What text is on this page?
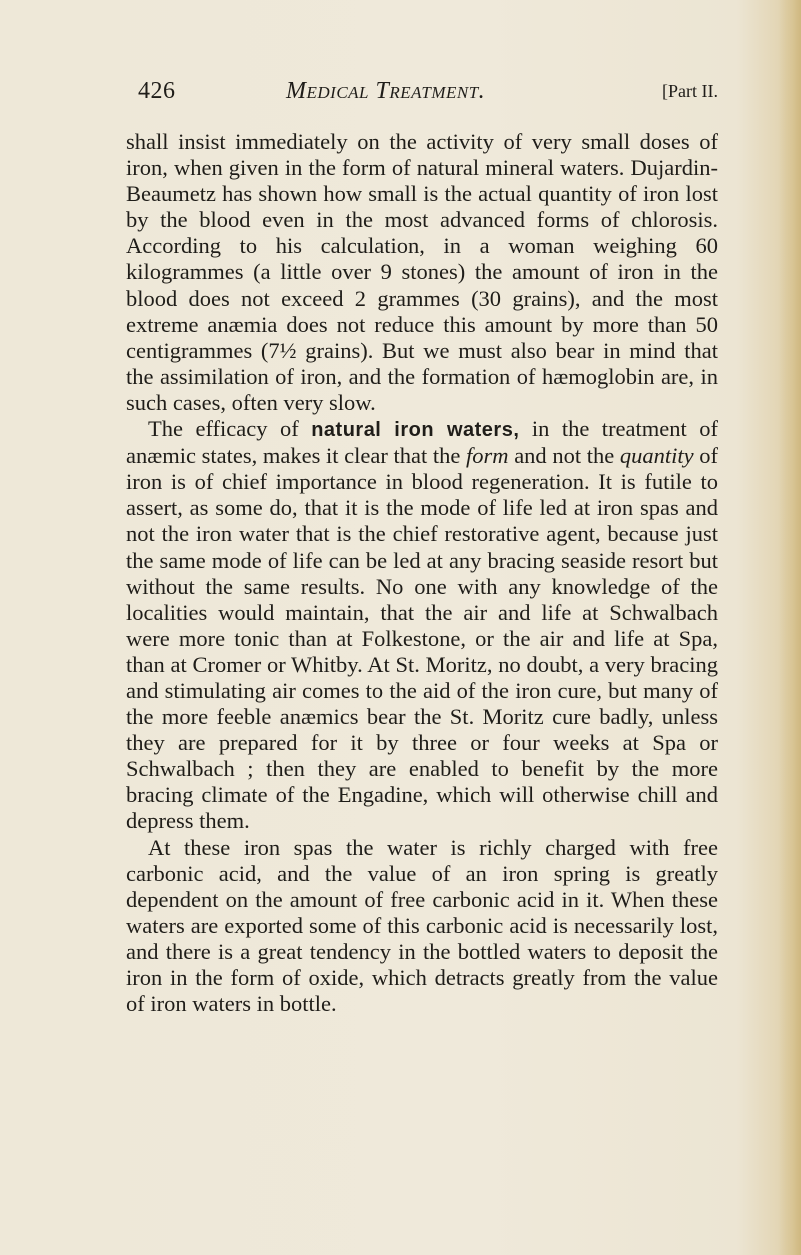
426	Medical Treatment.	[Part II.

shall insist immediately on the activity of very small doses of iron, when given in the form of natural mineral waters. Dujardin-Beaumetz has shown how small is the actual quantity of iron lost by the blood even in the most advanced forms of chlorosis. According to his calculation, in a woman weighing 60 kilogrammes (a little over 9 stones) the amount of iron in the blood does not exceed 2 grammes (30 grains), and the most extreme anæmia does not reduce this amount by more than 50 centigrammes (7½ grains). But we must also bear in mind that the assimilation of iron, and the formation of hæmoglobin are, in such cases, often very slow.

The efficacy of natural iron waters, in the treatment of anæmic states, makes it clear that the form and not the quantity of iron is of chief importance in blood regeneration. It is futile to assert, as some do, that it is the mode of life led at iron spas and not the iron water that is the chief restorative agent, because just the same mode of life can be led at any bracing seaside resort but without the same results. No one with any knowledge of the localities would maintain, that the air and life at Schwalbach were more tonic than at Folkestone, or the air and life at Spa, than at Cromer or Whitby. At St. Moritz, no doubt, a very bracing and stimulating air comes to the aid of the iron cure, but many of the more feeble anæmics bear the St. Moritz cure badly, unless they are prepared for it by three or four weeks at Spa or Schwalbach ; then they are enabled to benefit by the more bracing climate of the Engadine, which will otherwise chill and depress them.

At these iron spas the water is richly charged with free carbonic acid, and the value of an iron spring is greatly dependent on the amount of free carbonic acid in it. When these waters are exported some of this carbonic acid is necessarily lost, and there is a great tendency in the bottled waters to deposit the iron in the form of oxide, which detracts greatly from the value of iron waters in bottle.
